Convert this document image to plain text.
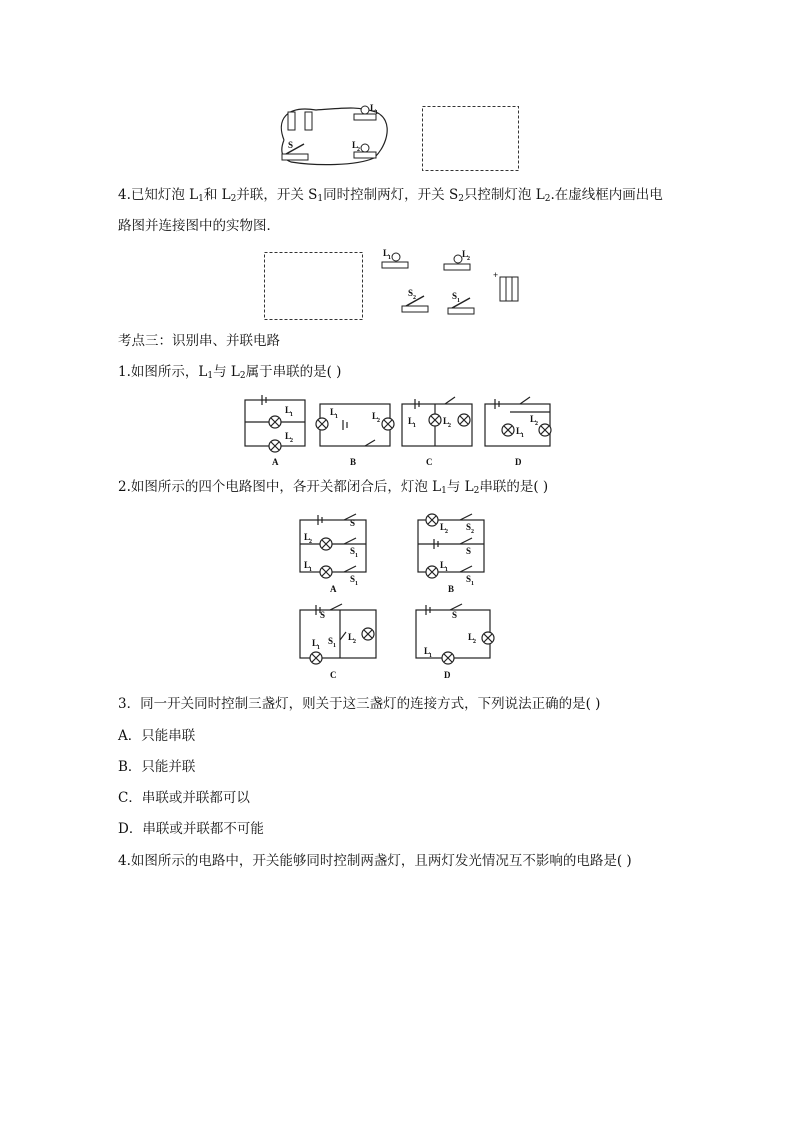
L
1
L
2
S
4.已知灯泡 $L_1$和 $L_2$并联，开关 $S_1$同时控制两灯，开关 $S_2$只控制灯泡 $L_2$.在虚线框内画出电
路图并连接图中的实物图．
L
1	L
2
+
S 2	S 1
考点三：识别串、并联电路
1.如图所示，$L_1$与 $L_2$属于串联的是( )
L
1
L
2
L
1	L
2	L
1	L
2	L
1
L
2
A	B	C	D
2.如图所示的四个电路图中，各开关都闭合后，灯泡 $L_1$与 $L_2$串联的是( )
S
L
2
S 1
L
1
S 1
A
L
2 S 2
S
L
1
S 1
B
S
L
1
S 1
L
2
C
S
L
2
L
1
D
3．同一开关同时控制三盏灯，则关于这三盏灯的连接方式，下列说法正确的是( )
A．只能串联
B．只能并联
C．串联或并联都可以
D．串联或并联都不可能
4.如图所示的电路中，开关能够同时控制两盏灯，且两灯发光情况互不影响的电路是( )
